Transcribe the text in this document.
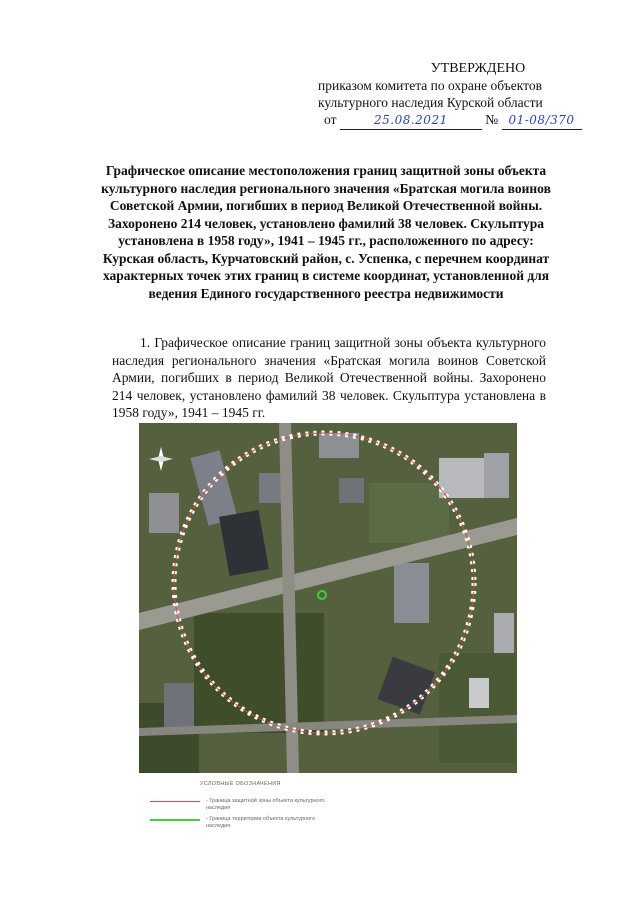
УТВЕРЖДЕНО
приказом комитета по охране объектов
культурного наследия Курской области
от	25.08.2021	№ 01-08/370
Графическое описание местоположения границ защитной зоны объекта культурного наследия регионального значения «Братская могила воинов Советской Армии, погибших в период Великой Отечественной войны. Захоронено 214 человек, установлено фамилий 38 человек. Скульптура установлена в 1958 году», 1941 – 1945 гг., расположенного по адресу: Курская область, Курчатовский район, с. Успенка, с перечнем координат характерных точек этих границ в системе координат, установленной для ведения Единого государственного реестра недвижимости
1. Графическое описание границ защитной зоны объекта культурного наследия регионального значения «Братская могила воинов Советской Армии, погибших в период Великой Отечественной войны. Захоронено 214 человек, установлено фамилий 38 человек. Скульптура установлена в 1958 году», 1941 – 1945 гг.
УСЛОВНЫЕ ОБОЗНАЧЕНИЯ
- Граница защитной зоны объекта культурного наследия
- Граница территории объекта культурного наследия
